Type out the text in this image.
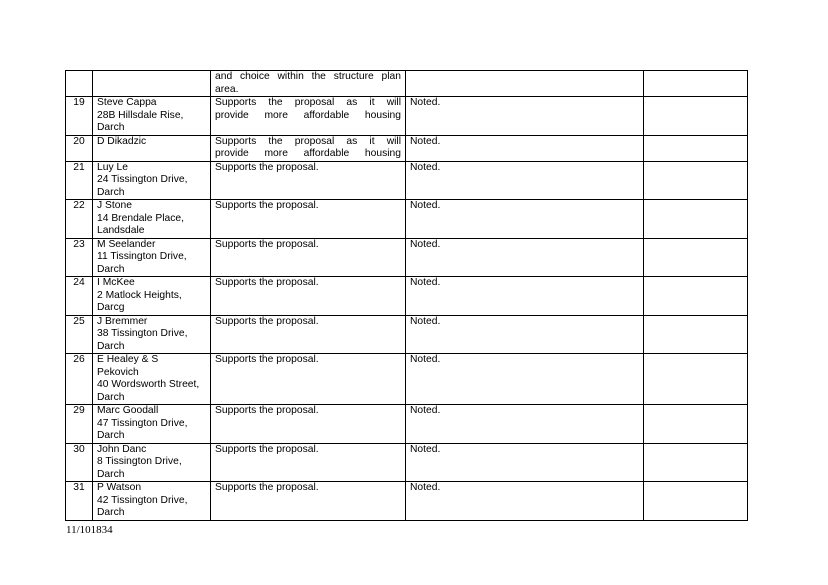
		and choice within the structure plan
area.		

19	Steve Cappa
28B Hillsdale Rise,
Darch	Supports the proposal as it will
provide more affordable housing	Noted.	
20	D Dikadzic	Supports the proposal as it will
provide more affordable housing	Noted.	
21	Luy Le
24 Tissington Drive,
Darch	Supports the proposal.	Noted.	
22	J Stone
14 Brendale Place,
Landsdale	Supports the proposal.	Noted.	
23	M Seelander
11 Tissington Drive,
Darch	Supports the proposal.	Noted.	
24	I McKee
2 Matlock Heights,
Darcg	Supports the proposal.	Noted.	
25	J Bremmer
38 Tissington Drive,
Darch	Supports the proposal.	Noted.	
26	E Healey & S
Pekovich
40 Wordsworth Street,
Darch	Supports the proposal.	Noted.	
29	Marc Goodall
47 Tissington Drive,
Darch	Supports the proposal.	Noted.	
30	John Danc
8 Tissington Drive,
Darch	Supports the proposal.	Noted.	
31	P Watson
42 Tissington Drive,
Darch	Supports the proposal.	Noted.	
11/101834
